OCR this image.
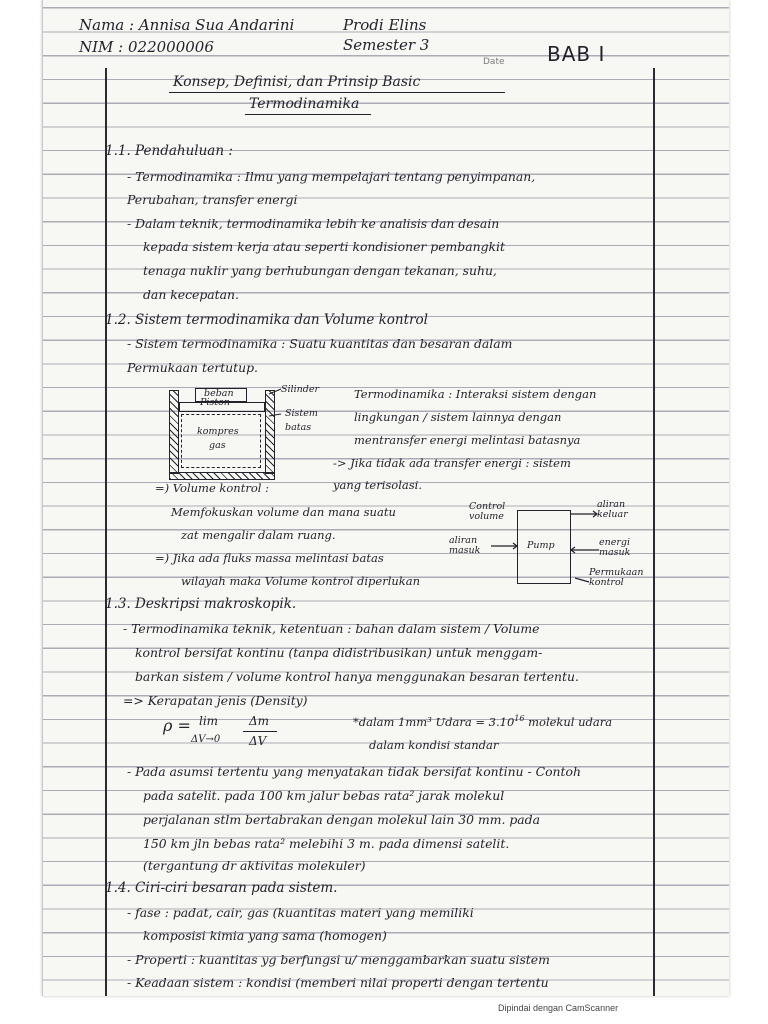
Date
Nama : Annisa Sua Andarini
NIM : 022000006
Prodi Elins
Semester 3	BAB I
Konsep, Definisi, dan Prinsip Basic
Termodinamika
1.1. Pendahuluan :
- Termodinamika : Ilmu yang mempelajari tentang penyimpanan,
Perubahan, transfer energi
- Dalam teknik, termodinamika lebih ke analisis dan desain
kepada sistem kerja atau seperti kondisioner pembangkit
tenaga nuklir yang berhubungan dengan tekanan, suhu,
dan kecepatan.
1.2. Sistem termodinamika dan Volume kontrol
- Sistem termodinamika : Suatu kuantitas dan besaran dalam
Permukaan tertutup.
beban
Piston
kompres
gas
Silinder
Sistem
batas
Termodinamika : Interaksi sistem dengan
lingkungan / sistem lainnya dengan
mentransfer energi melintasi batasnya
-> Jika tidak ada transfer energi : sistem
yang terisolasi.
=) Volume kontrol :
Memfokuskan volume dan mana suatu
zat mengalir dalam ruang.
=) Jika ada fluks massa melintasi batas
wilayah maka Volume kontrol diperlukan
Pump
Control volume
aliran masuk
aliran keluar
energi masuk
Permukaan kontrol
1.3. Deskripsi makroskopik.
- Termodinamika teknik, ketentuan : bahan dalam sistem / Volume
kontrol bersifat kontinu (tanpa didistribusikan) untuk menggam-
barkan sistem / volume kontrol hanya menggunakan besaran tertentu.
=> Kerapatan jenis (Density)
ρ = lim
ΔV→0
Δm
ΔV
*dalam 1mm³ Udara = $3.10^{16}$ molekul udara
dalam kondisi standar
- Pada asumsi tertentu yang menyatakan tidak bersifat kontinu - Contoh
pada satelit. pada 100 km jalur bebas rata² jarak molekul
perjalanan stlm bertabrakan dengan molekul lain 30 mm. pada
150 km jln bebas rata² melebihi 3 m. pada dimensi satelit.
(tergantung dr aktivitas molekuler)
1.4. Ciri-ciri besaran pada sistem.
- fase : padat, cair, gas (kuantitas materi yang memiliki
komposisi kimia yang sama (homogen)
- Properti : kuantitas yg berfungsi u/ menggambarkan suatu sistem
- Keadaan sistem : kondisi (memberi nilai properti dengan tertentu
Dipindai dengan CamScanner
